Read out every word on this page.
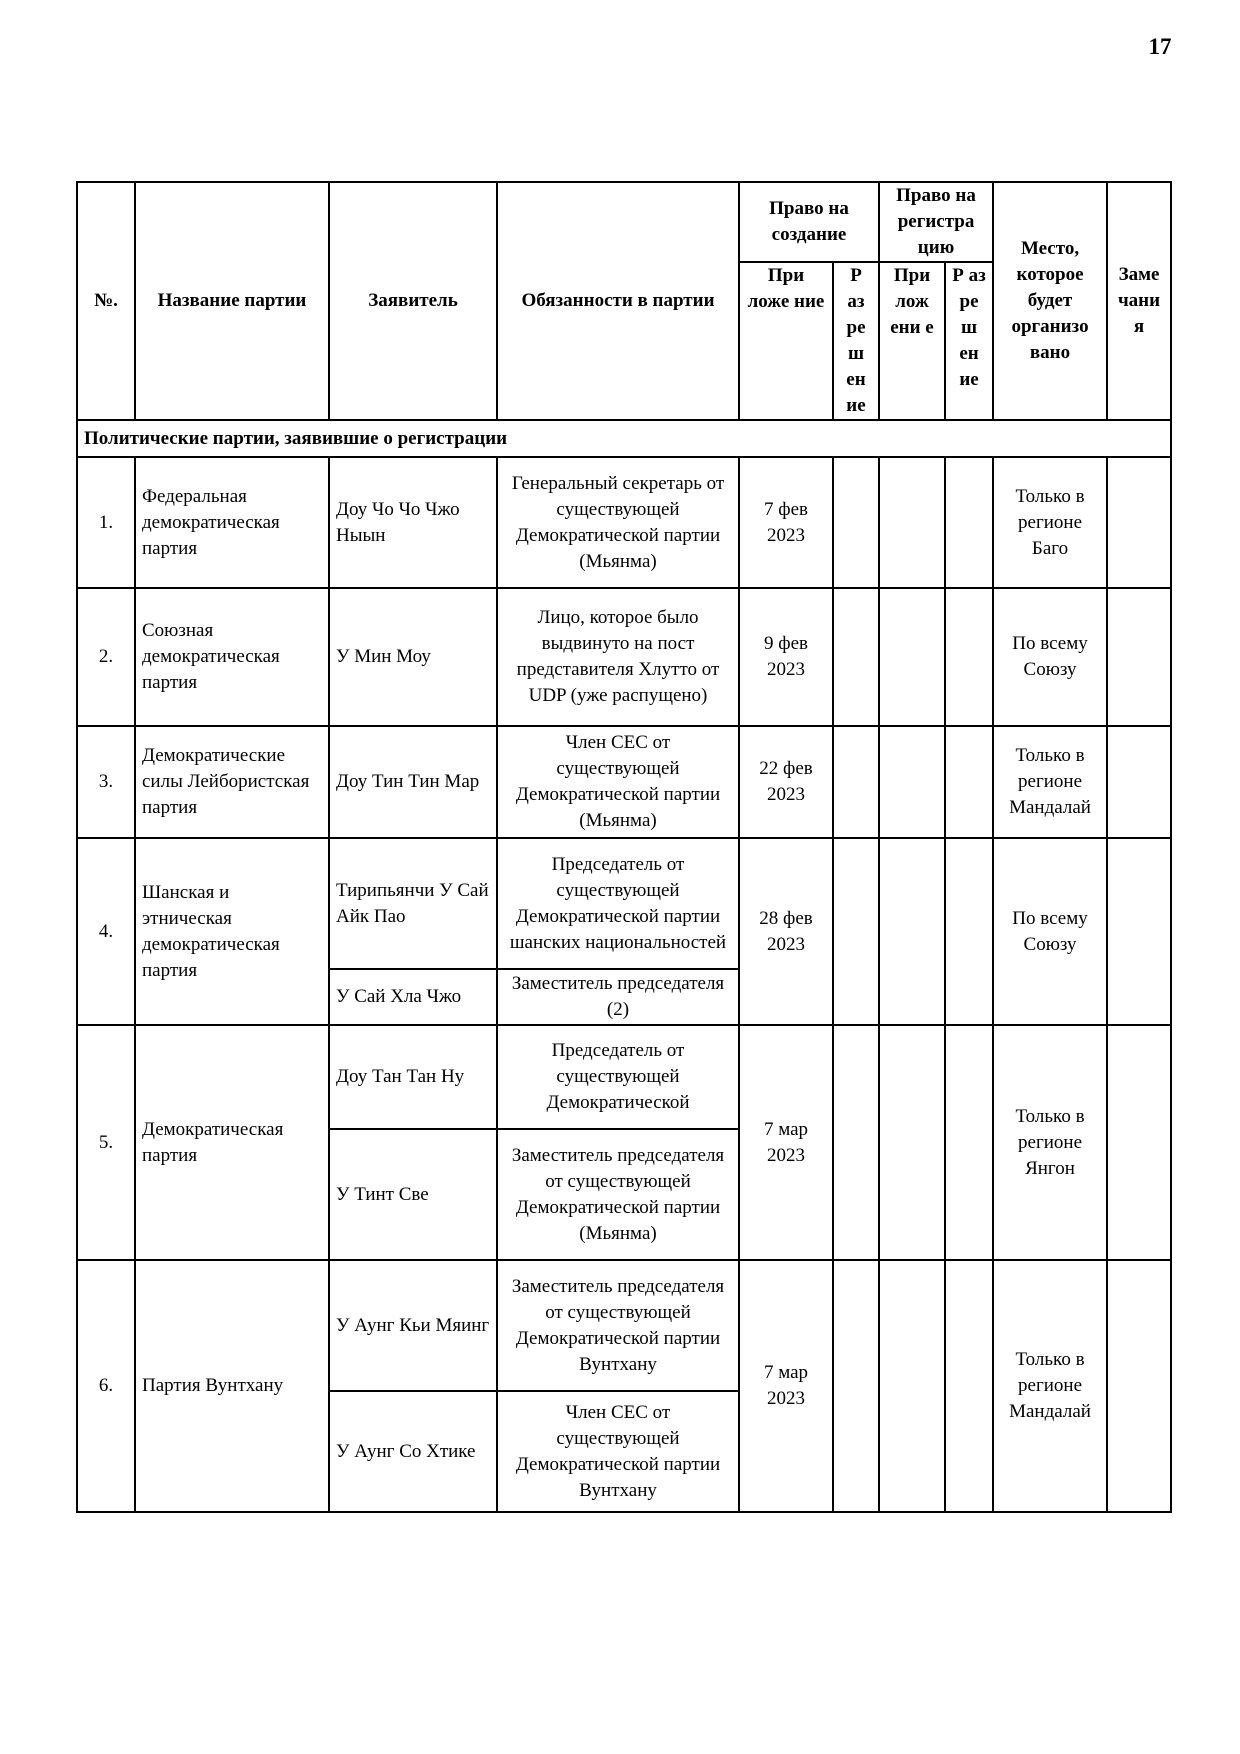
17
№.	Название партии	Заявитель	Обязанности в партии	Право на создание		Право на регистра цию		Место, которое будет организо вано	Заме чани я
				При ложе ние	Р аз ре ш ен ие	При лож ени е	Р аз ре ш ен ие		
Политические партии, заявившие о регистрации									
1.	Федеральная демократическая партия	Доу Чо Чо Чжо Ныын	Генеральный секретарь от существующей Демократической партии (Мьянма)	7 фев 2023				Только в регионе Баго	
2.	Союзная демократическая партия	У Мин Моу	Лицо, которое было выдвинуто на пост представителя Хлутто от UDP (уже распущено)	9 фев 2023				По всему Союзу	
3.	Демократические силы Лейбористская партия	Доу Тин Тин Мар	Член CEC от существующей Демократической партии (Мьянма)	22 фев 2023				Только в регионе Мандалай	
4.	Шанская и этническая демократическая партия	Тирипьянчи У Сай Айк Пао	Председатель от существующей Демократической партии шанских национальностей	28 фев 2023				По всему Союзу	
		У Сай Хла Чжо	Заместитель председателя (2)						
5.	Демократическая партия	Доу Тан Тан Ну	Председатель от существующей Демократической	7 мар 2023				Только в регионе Янгон	
		У Тинт Све	Заместитель председателя от существующей Демократической партии (Мьянма)						
6.	Партия Вунтхану	У Аунг Кьи Мяинг	Заместитель председателя от существующей Демократической партии Вунтхану	7 мар 2023				Только в регионе Мандалай	
		У Аунг Со Хтике	Член CEC от существующей Демократической партии Вунтхану						
